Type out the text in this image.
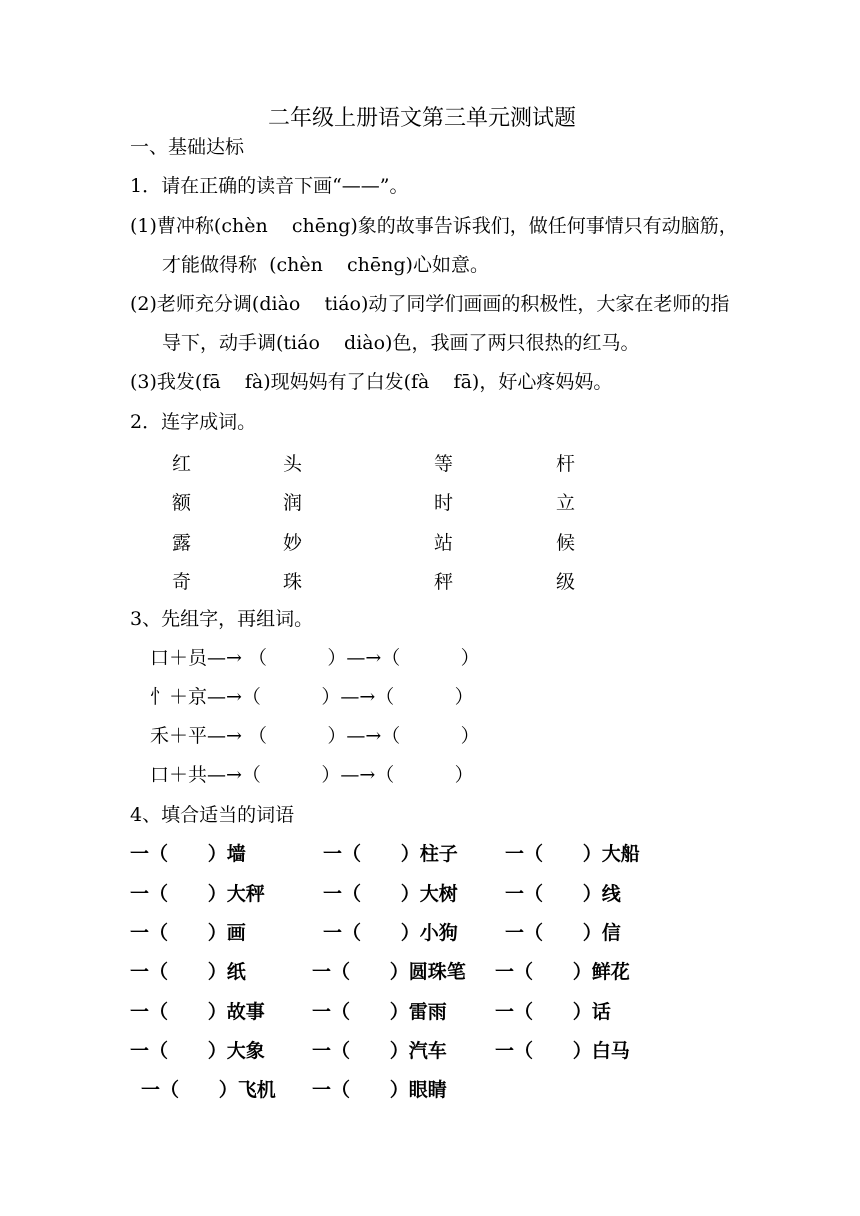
二年级上册语文第三单元测试题
一、基础达标
1．请在正确的读音下画“——”。
(1)曹冲称(chèn    chēng)象的故事告诉我们，做任何事情只有动脑筋，
才能做得称  (chèn    chēng)心如意。
(2)老师充分调(diào    tiáo)动了同学们画画的积极性，大家在老师的指
导下，动手调(tiáo    diào)色，我画了两只很热的红马。
(3)我发(fā    fà)现妈妈有了白发(fà    fā)，好心疼妈妈。
2．连字成词。
红	头	等	杆
额	润	时	立
露	妙	站	候
奇	珠	秤	级
3、先组字，再组词。
口＋员—→ （          ）—→（          ）
忄＋京—→（          ）—→（          ）
禾＋平—→ （          ）—→（          ）
口＋共—→（          ）—→（          ）
4、填合适当的词语
一（      ）墙	一（      ）柱子 一（      ）大船
一（      ）大秤	一（      ）大树 一（      ）线
一（      ）画	一（      ）小狗 一（      ）信
一（      ）纸	一（      ）圆珠笔 一（      ）鲜花
一（      ）故事 一（      ）雷雨	一（      ）话
一（      ）大象 一（      ）汽车	一（      ）白马
一（      ）飞机 一（      ）眼睛
